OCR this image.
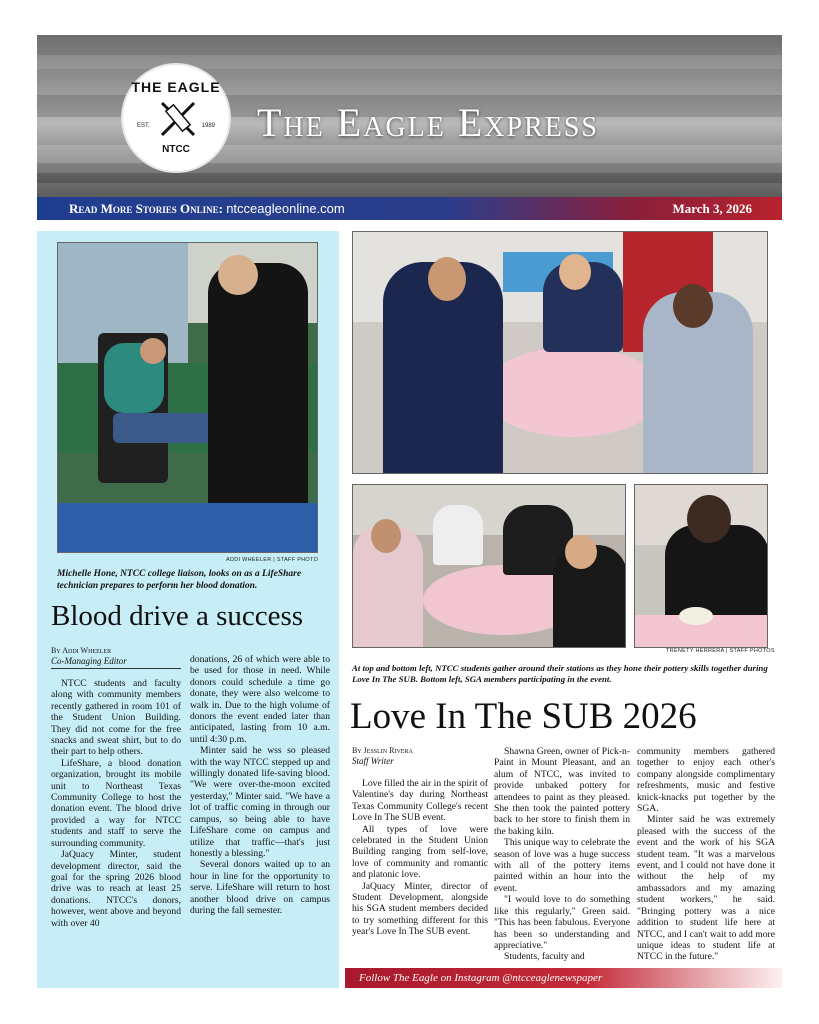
THE EAGLE
EST.	1989
NTCC
The Eagle Express
Read More Stories Online: ntcceagleonline.com	March 3, 2026
ADDI WHEELER | STAFF PHOTO
Michelle Hone, NTCC college liaison, looks on as a LifeShare technician prepares to perform her blood donation.
Blood drive a success
By Addi Wheeler
Co-Managing Editor

NTCC students and faculty along with community members recently gathered in room 101 of the Student Union Building. They did not come for the free snacks and sweat shirt, but to do their part to help others.

LifeShare, a blood donation organization, brought its mobile unit to Northeast Texas Community College to host the donation event. The blood drive provided a way for NTCC students and staff to serve the surrounding community.

JaQuacy Minter, student development director, said the goal for the spring 2026 blood drive was to reach at least 25 donations. NTCC's donors, however, went above and beyond with over 40

donations, 26 of which were able to be used for those in need. While donors could schedule a time go donate, they were also welcome to walk in. Due to the high volume of donors the event ended later than anticipated, lasting from 10 a.m. until 4:30 p.m.

Minter said he wss so pleased with the way NTCC stepped up and willingly donated life-saving blood. "We were over-the-moon excited yesterday," Minter said. "We have a lot of traffic coming in through our campus, so being able to have LifeShare come on campus and utilize that traffic—that's just honestly a blessing."

Several donors waited up to an hour in line for the opportunity to serve. LifeShare will return to host another blood drive on campus during the fall semester.

TRENETY HERRERA | STAFF PHOTOS
At top and bottom left, NTCC students gather around their stations as they hone their pottery skills together during Love In The SUB. Bottom left, SGA members participating in the event.
Love In The SUB 2026
By Jesslin Rivera
Staff Writer

Love filled the air in the spirit of Valentine's day during Northeast Texas Community College's recent Love In The SUB event.

All types of love were celebrated in the Student Union Building ranging from self-love, love of community and romantic and platonic love.

JaQuacy Minter, director of Student Development, alongside his SGA student members decided to try something different for this year's Love In The SUB event.

Shawna Green, owner of Pick-n-Paint in Mount Pleasant, and an alum of NTCC, was invited to provide unbaked pottery for attendees to paint as they pleased. She then took the painted pottery back to her store to finish them in the baking kiln.

This unique way to celebrate the season of love was a huge success with all of the pottery items painted within an hour into the event.

"I would love to do something like this regularly," Green said. "This has been fabulous. Everyone has been so understanding and appreciative."

Students, faculty and

community members gathered together to enjoy each other's company alongside complimentary refreshments, music and festive knick-knacks put together by the SGA.

Minter said he was extremely pleased with the success of the event and the work of his SGA student team. "It was a marvelous event, and I could not have done it without the help of my ambassadors and my amazing student workers," he said. "Bringing pottery was a nice addition to student life here at NTCC, and I can't wait to add more unique ideas to student life at NTCC in the future."

Follow The Eagle on Instagram @ntcceaglenewspaper
